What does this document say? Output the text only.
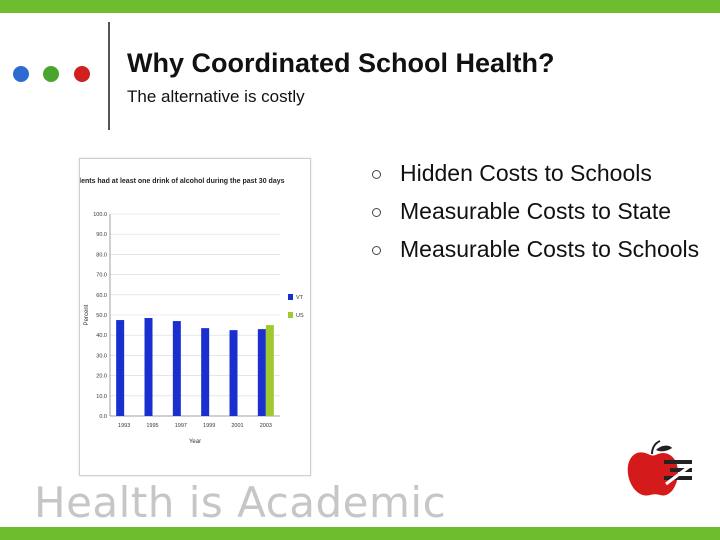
Why Coordinated School Health?
The alternative is costly
Students had at least one drink of alcohol during the past 30 days
100.0
90.0
80.0
70.0
60.0
50.0
40.0
30.0
20.0
10.0
0.0
1993	1995	1997	1999	2001	2003
Year
Percent
VT
US
Hidden Costs to Schools
Measurable Costs to State
Measurable Costs to Schools
Health is Academic
